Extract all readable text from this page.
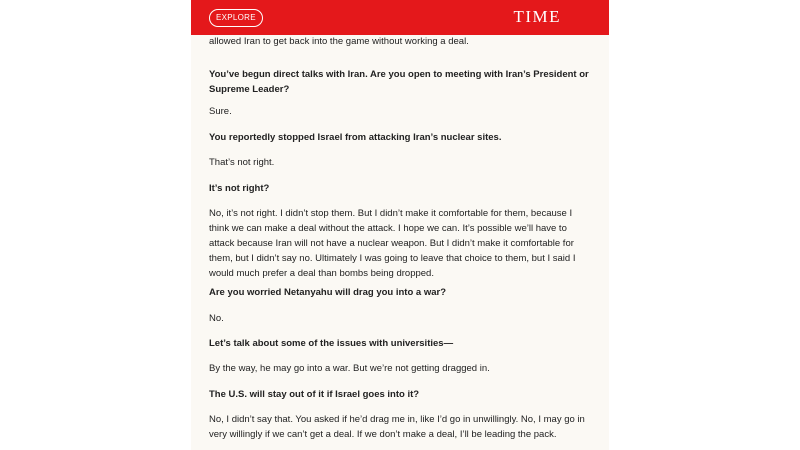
allowed Iran to get back into the game without working a deal.

You’ve begun direct talks with Iran. Are you open to meeting with Iran’s President or Supreme Leader?

Sure.

You reportedly stopped Israel from attacking Iran’s nuclear sites.

That’s not right.

It’s not right?

No, it’s not right. I didn’t stop them. But I didn’t make it comfortable for them, because I think we can make a deal without the attack. I hope we can. It’s possible we’ll have to attack because Iran will not have a nuclear weapon. But I didn’t make it comfortable for them, but I didn’t say no. Ultimately I was going to leave that choice to them, but I said I would much prefer a deal than bombs being dropped.

Are you worried Netanyahu will drag you into a war?

No.

Let’s talk about some of the issues with universities—

By the way, he may go into a war. But we’re not getting dragged in.

The U.S. will stay out of it if Israel goes into it?

No, I didn’t say that. You asked if he’d drag me in, like I’d go in unwillingly. No, I may go in very willingly if we can’t get a deal. If we don’t make a deal, I’ll be leading the pack.

EXPLORE	TIME
